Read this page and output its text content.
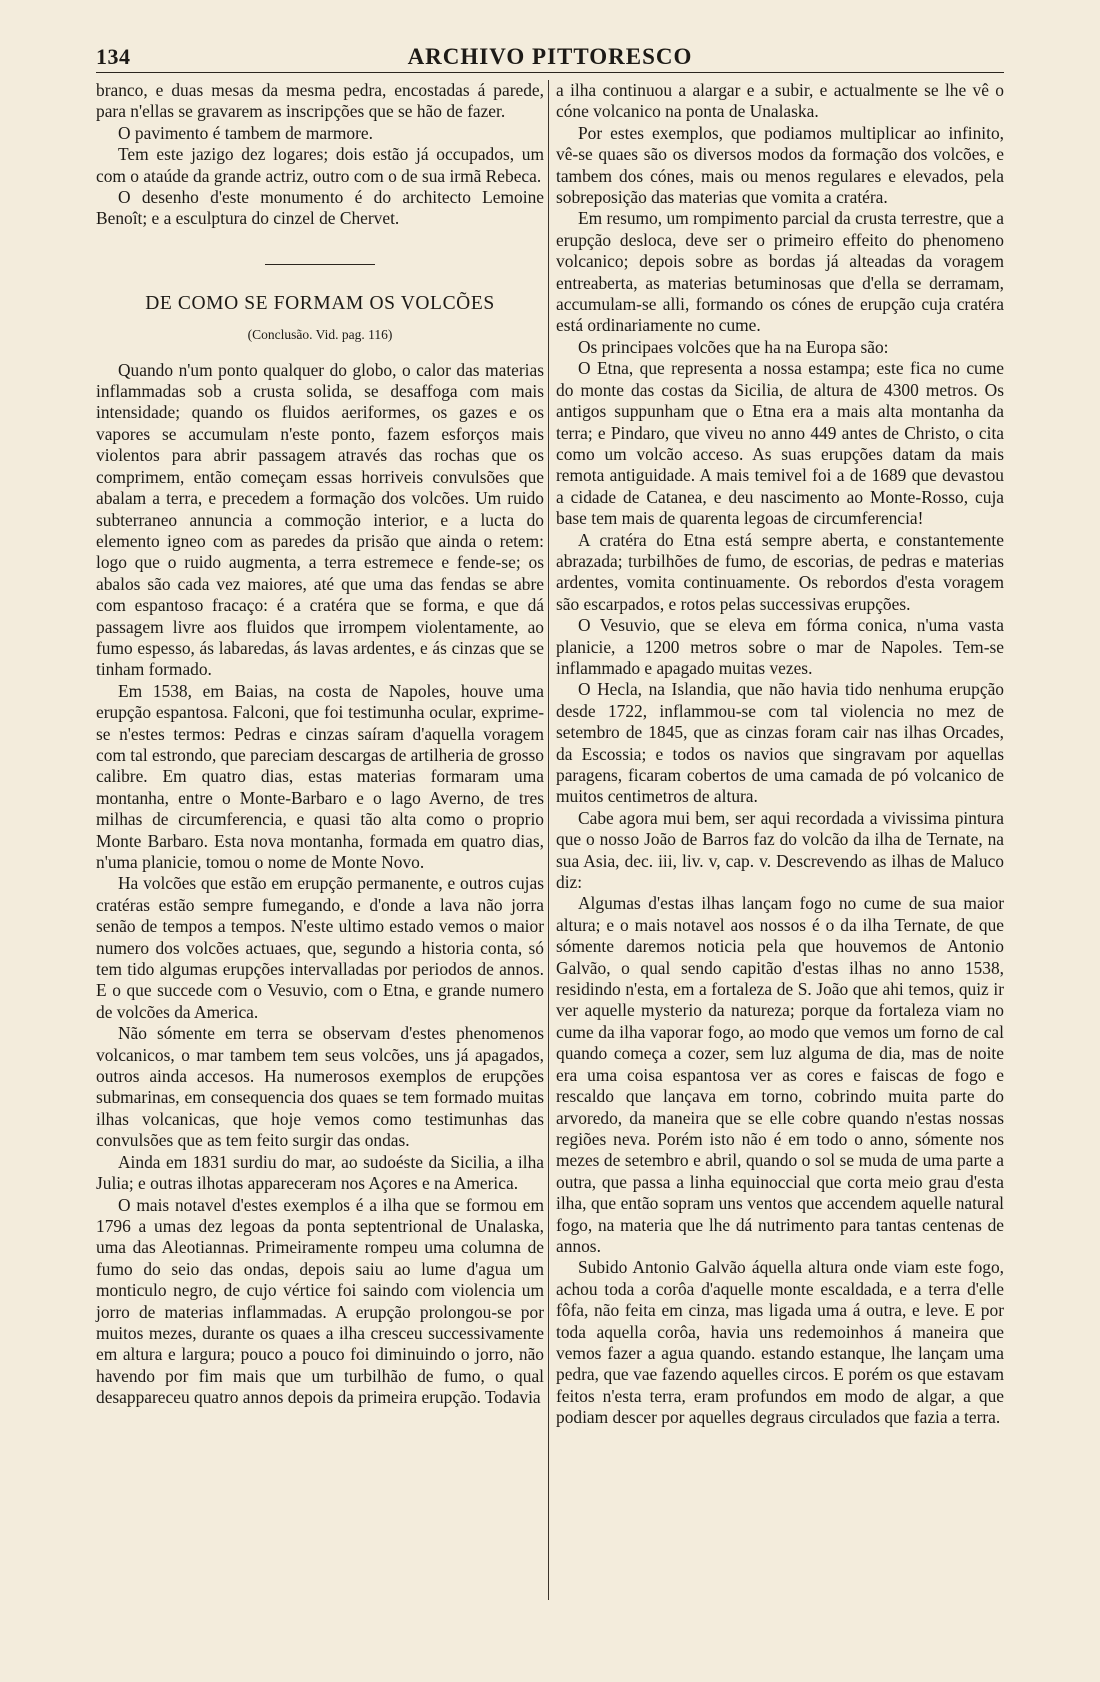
134	ARCHIVO PITTORESCO

branco, e duas mesas da mesma pedra, encostadas á parede, para n'ellas se gravarem as inscripções que se hão de fazer.

O pavimento é tambem de marmore.

Tem este jazigo dez logares; dois estão já occupados, um com o ataúde da grande actriz, outro com o de sua irmã Rebeca.

O desenho d'este monumento é do architecto Lemoine Benoît; e a esculptura do cinzel de Chervet.

DE COMO SE FORMAM OS VOLCÕES
(Conclusão. Vid. pag. 116)

Quando n'um ponto qualquer do globo, o calor das materias inflammadas sob a crusta solida, se desaffoga com mais intensidade; quando os fluidos aeriformes, os gazes e os vapores se accumulam n'este ponto, fazem esforços mais violentos para abrir passagem através das rochas que os comprimem, então começam essas horriveis convulsões que abalam a terra, e precedem a formação dos volcões. Um ruido subterraneo annuncia a commoção interior, e a lucta do elemento igneo com as paredes da prisão que ainda o retem: logo que o ruido augmenta, a terra estremece e fende-se; os abalos são cada vez maiores, até que uma das fendas se abre com espantoso fracaço: é a cratéra que se forma, e que dá passagem livre aos fluidos que irrompem violentamente, ao fumo espesso, ás labaredas, ás lavas ardentes, e ás cinzas que se tinham formado.

Em 1538, em Baias, na costa de Napoles, houve uma erupção espantosa. Falconi, que foi testimunha ocular, exprime-se n'estes termos: Pedras e cinzas saíram d'aquella voragem com tal estrondo, que pareciam descargas de artilheria de grosso calibre. Em quatro dias, estas materias formaram uma montanha, entre o Monte-Barbaro e o lago Averno, de tres milhas de circumferencia, e quasi tão alta como o proprio Monte Barbaro. Esta nova montanha, formada em quatro dias, n'uma planicie, tomou o nome de Monte Novo.

Ha volcões que estão em erupção permanente, e outros cujas cratéras estão sempre fumegando, e d'onde a lava não jorra senão de tempos a tempos. N'este ultimo estado vemos o maior numero dos volcões actuaes, que, segundo a historia conta, só tem tido algumas erupções intervalladas por periodos de annos. E o que succede com o Vesuvio, com o Etna, e grande numero de volcões da America.

Não sómente em terra se observam d'estes phenomenos volcanicos, o mar tambem tem seus volcões, uns já apagados, outros ainda accesos. Ha numerosos exemplos de erupções submarinas, em consequencia dos quaes se tem formado muitas ilhas volcanicas, que hoje vemos como testimunhas das convulsões que as tem feito surgir das ondas.

Ainda em 1831 surdiu do mar, ao sudoéste da Sicilia, a ilha Julia; e outras ilhotas appareceram nos Açores e na America.

O mais notavel d'estes exemplos é a ilha que se formou em 1796 a umas dez legoas da ponta septentrional de Unalaska, uma das Aleotiannas. Primeiramente rompeu uma columna de fumo do seio das ondas, depois saiu ao lume d'agua um monticulo negro, de cujo vértice foi saindo com violencia um jorro de materias inflammadas. A erupção prolongou-se por muitos mezes, durante os quaes a ilha cresceu successivamente em altura e largura; pouco a pouco foi diminuindo o jorro, não havendo por fim mais que um turbilhão de fumo, o qual desappareceu quatro annos depois da primeira erupção. Todavia

a ilha continuou a alargar e a subir, e actualmente se lhe vê o cóne volcanico na ponta de Unalaska.

Por estes exemplos, que podiamos multiplicar ao infinito, vê-se quaes são os diversos modos da formação dos volcões, e tambem dos cónes, mais ou menos regulares e elevados, pela sobreposição das materias que vomita a cratéra.

Em resumo, um rompimento parcial da crusta terrestre, que a erupção desloca, deve ser o primeiro effeito do phenomeno volcanico; depois sobre as bordas já alteadas da voragem entreaberta, as materias betuminosas que d'ella se derramam, accumulam-se alli, formando os cónes de erupção cuja cratéra está ordinariamente no cume.

Os principaes volcões que ha na Europa são:

O Etna, que representa a nossa estampa; este fica no cume do monte das costas da Sicilia, de altura de 4300 metros. Os antigos suppunham que o Etna era a mais alta montanha da terra; e Pindaro, que viveu no anno 449 antes de Christo, o cita como um volcão acceso. As suas erupções datam da mais remota antiguidade. A mais temivel foi a de 1689 que devastou a cidade de Catanea, e deu nascimento ao Monte-Rosso, cuja base tem mais de quarenta legoas de circumferencia!

A cratéra do Etna está sempre aberta, e constantemente abrazada; turbilhões de fumo, de escorias, de pedras e materias ardentes, vomita continuamente. Os rebordos d'esta voragem são escarpados, e rotos pelas successivas erupções.

O Vesuvio, que se eleva em fórma conica, n'uma vasta planicie, a 1200 metros sobre o mar de Napoles. Tem-se inflammado e apagado muitas vezes.

O Hecla, na Islandia, que não havia tido nenhuma erupção desde 1722, inflammou-se com tal violencia no mez de setembro de 1845, que as cinzas foram cair nas ilhas Orcades, da Escossia; e todos os navios que singravam por aquellas paragens, ficaram cobertos de uma camada de pó volcanico de muitos centimetros de altura.

Cabe agora mui bem, ser aqui recordada a vivissima pintura que o nosso João de Barros faz do volcão da ilha de Ternate, na sua Asia, dec. iii, liv. v, cap. v. Descrevendo as ilhas de Maluco diz:

Algumas d'estas ilhas lançam fogo no cume de sua maior altura; e o mais notavel aos nossos é o da ilha Ternate, de que sómente daremos noticia pela que houvemos de Antonio Galvão, o qual sendo capitão d'estas ilhas no anno 1538, residindo n'esta, em a fortaleza de S. João que ahi temos, quiz ir ver aquelle mysterio da natureza; porque da fortaleza viam no cume da ilha vaporar fogo, ao modo que vemos um forno de cal quando começa a cozer, sem luz alguma de dia, mas de noite era uma coisa espantosa ver as cores e faiscas de fogo e rescaldo que lançava em torno, cobrindo muita parte do arvoredo, da maneira que se elle cobre quando n'estas nossas regiões neva. Porém isto não é em todo o anno, sómente nos mezes de setembro e abril, quando o sol se muda de uma parte a outra, que passa a linha equinoccial que corta meio grau d'esta ilha, que então sopram uns ventos que accendem aquelle natural fogo, na materia que lhe dá nutrimento para tantas centenas de annos.

Subido Antonio Galvão áquella altura onde viam este fogo, achou toda a corôa d'aquelle monte escaldada, e a terra d'elle fôfa, não feita em cinza, mas ligada uma á outra, e leve. E por toda aquella corôa, havia uns redemoinhos á maneira que vemos fazer a agua quando. estando estanque, lhe lançam uma pedra, que vae fazendo aquelles circos. E porém os que estavam feitos n'esta terra, eram profundos em modo de algar, a que podiam descer por aquelles degraus circulados que fazia a terra.
